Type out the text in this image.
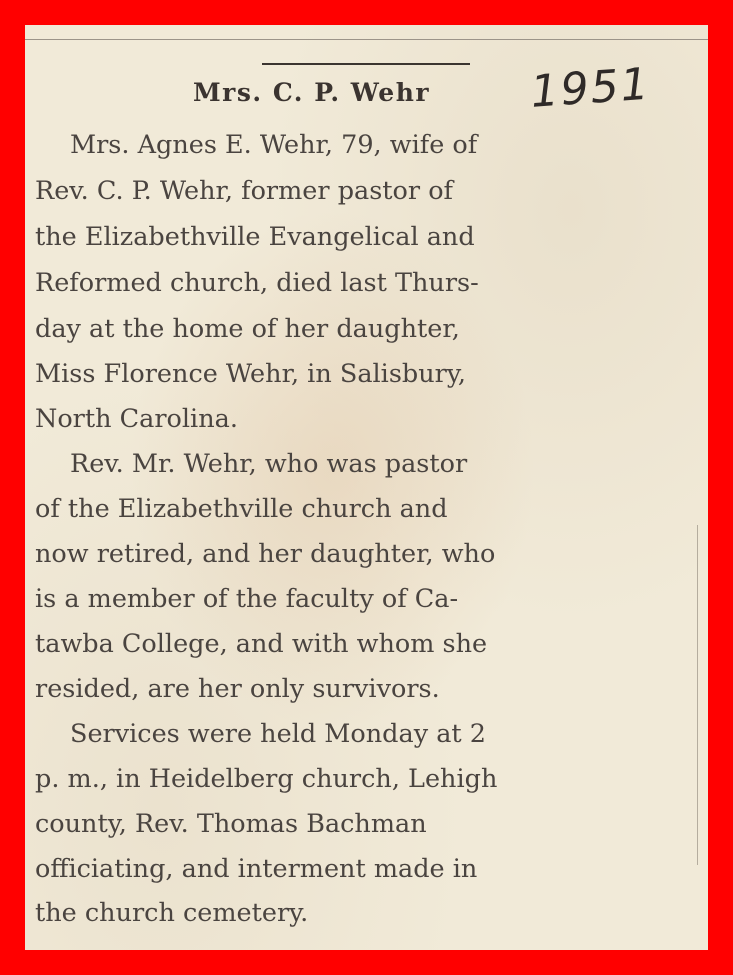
Mrs. C. P. Wehr 1951
Mrs. Agnes E. Wehr, 79, wife of
Rev. C. P. Wehr, former pastor of
the Elizabethville Evangelical and
Reformed church, died last Thurs-
day at the home of her daughter,
Miss Florence Wehr, in Salisbury,
North Carolina.
Rev. Mr. Wehr, who was pastor
of the Elizabethville church and
now retired, and her daughter, who
is a member of the faculty of Ca-
tawba College, and with whom she
resided, are her only survivors.
Services were held Monday at 2
p. m., in Heidelberg church, Lehigh
county, Rev. Thomas Bachman
officiating, and interment made in
the church cemetery.
